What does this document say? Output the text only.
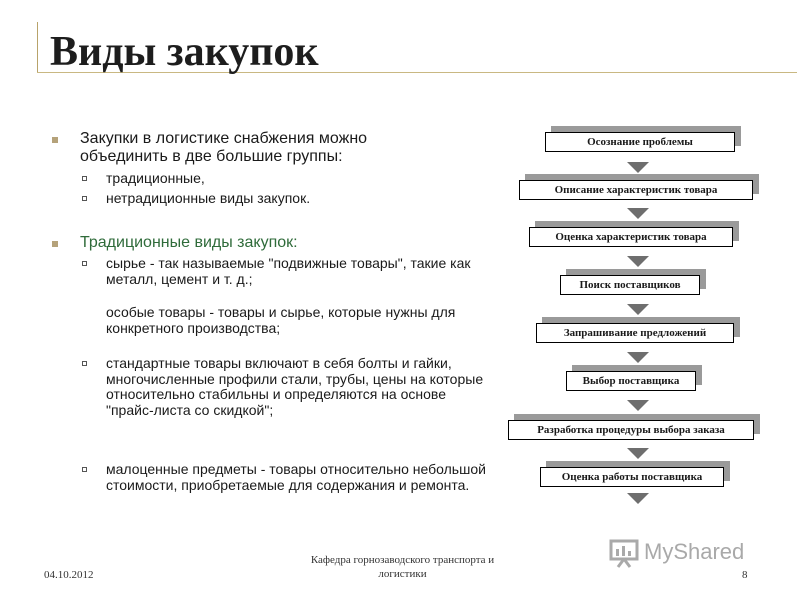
Виды закупок

Закупки в логистике снабжения можно объединить в две большие группы:

традиционные,

нетрадиционные виды закупок.

Традиционные виды закупок:

сырье - так называемые "подвижные товары", такие как металл, цемент и т. д.;

особые товары - товары и сырье, которые нужны для конкретного производства;

стандартные товары включают в себя болты и гайки, многочисленные профили стали, трубы, цены на которые относительно стабильны и определяются на основе "прайс-листа со скидкой";

малоценные предметы - товары относительно небольшой стоимости, приобретаемые для содержания и ремонта.

Осознание проблемы
Описание характеристик товара
Оценка характеристик товара
Поиск поставщиков
Запрашивание предложений
Выбор поставщика
Разработка процедуры выбора заказа
Оценка работы поставщика
04.10.2012
Кафедра горнозаводского транспорта и логистики	8
MyShared
